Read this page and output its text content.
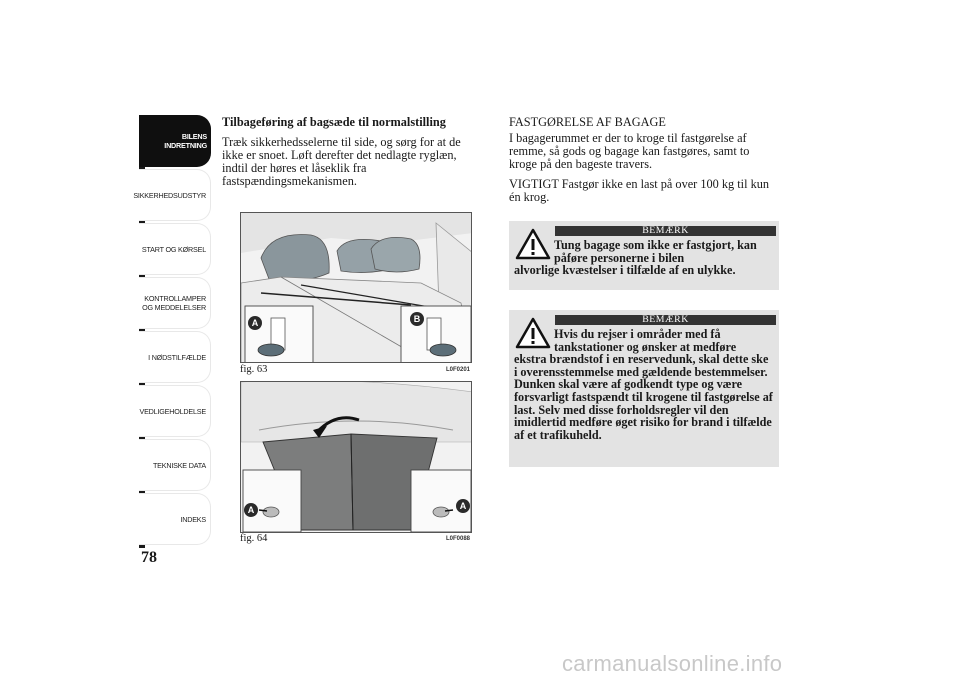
BILENS
INDRETNING
SIKKERHEDSUDSTYR
START OG KØRSEL
KONTROLLAMPER
OG MEDDELELSER
I NØDSTILFÆLDE
VEDLIGEHOLDELSE
TEKNISKE DATA
INDEKS
78

Tilbageføring af bagsæde til normalstilling

Træk sikkerhedsselerne til side, og sørg for at de ikke er snoet. Løft derefter det nedlagte ryglæn, indtil der høres et låseklik fra fastspændingsmekanismen.

A	B
fig. 63	L0F0201
A	A
fig. 64	L0F0088

FASTGØRELSE AF BAGAGE

I bagagerummet er der to kroge til fastgørelse af remme, så gods og bagage kan fastgøres, samt to kroge på den bageste travers.

VIGTIGT Fastgør ikke en last på over 100 kg til kun én krog.

BEMÆRK
Tung bagage som ikke er fastgjort, kan påføre personerne i bilen
alvorlige kvæstelser i tilfælde af en ulykke.
BEMÆRK
Hvis du rejser i områder med få tankstationer og ønsker at medføre
ekstra brændstof i en reservedunk, skal dette ske i overensstemmelse med gældende bestemmelser. Dunken skal være af godkendt type og være forsvarligt fastspændt til krogene til fastgørelse af last. Selv med disse forholdsregler vil den imidlertid medføre øget risiko for brand i tilfælde af et trafikuheld.
carmanualsonline.info
